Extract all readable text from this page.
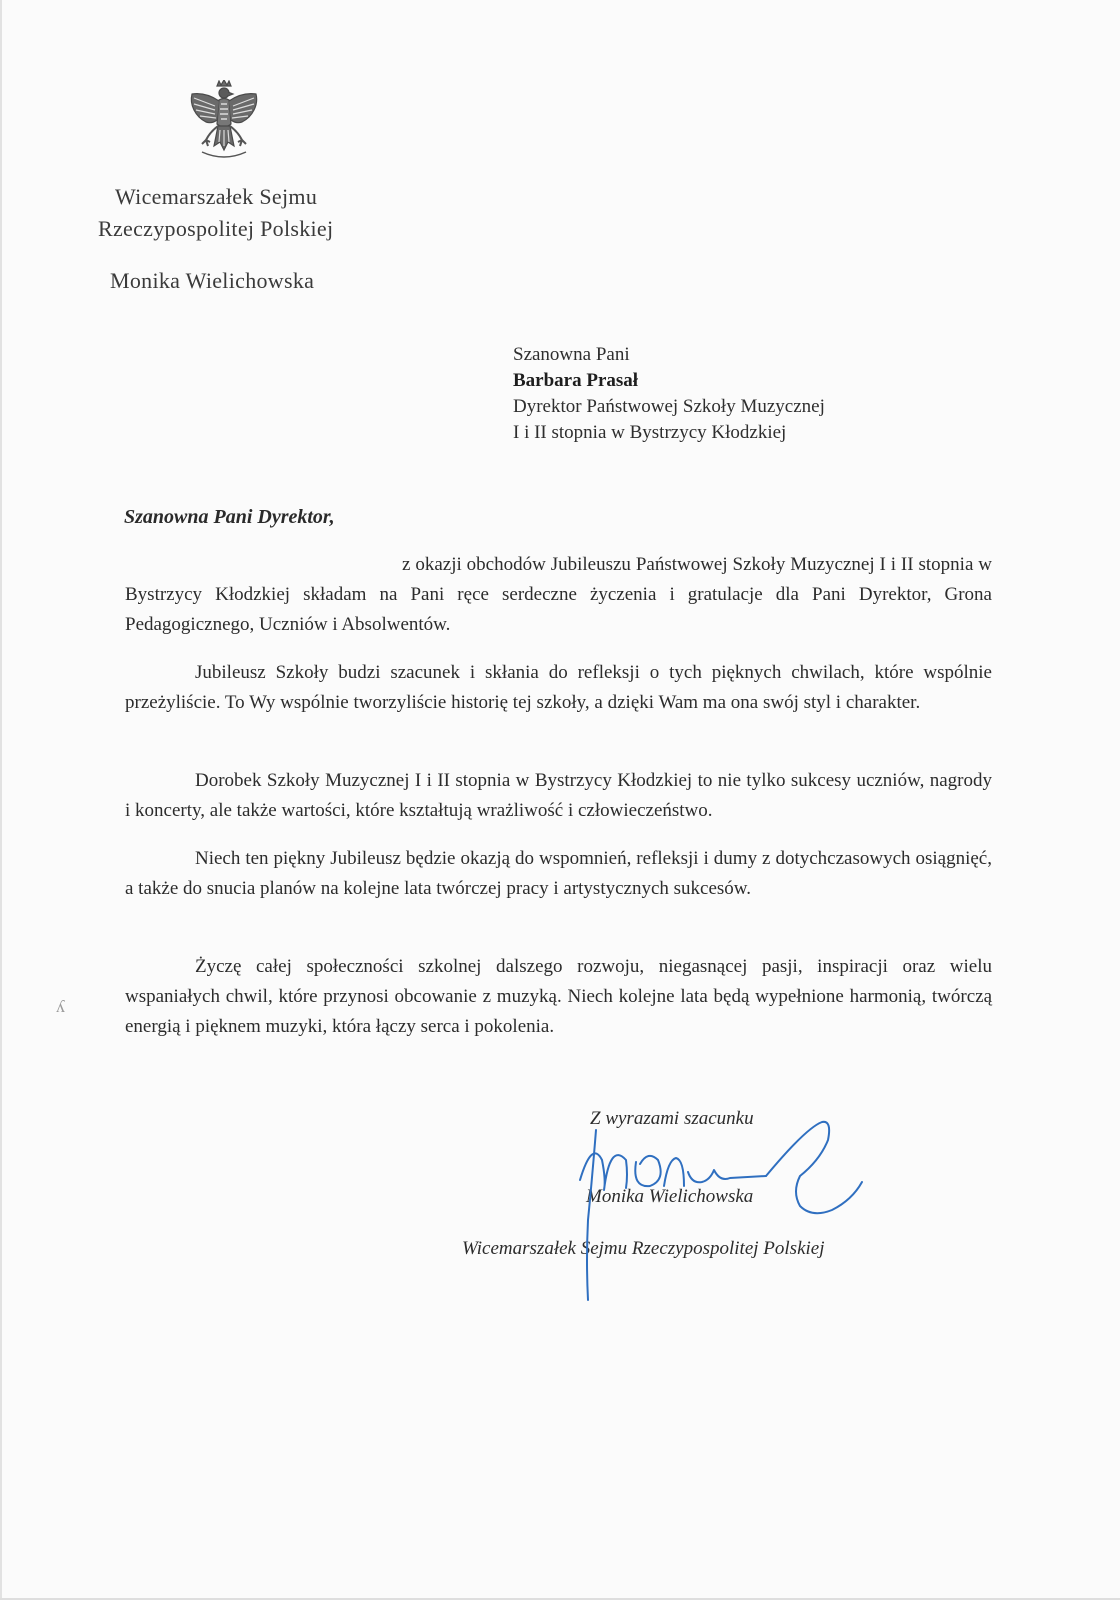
Wicemarszałek Sejmu
Rzeczypospolitej Polskiej
Monika Wielichowska
Szanowna Pani
Barbara Prasał
Dyrektor Państwowej Szkoły Muzycznej
I i II stopnia w Bystrzycy Kłodzkiej
Szanowna Pani Dyrektor,

z okazji obchodów Jubileuszu Państwowej Szkoły Muzycznej I i II stopnia w Bystrzycy Kłodzkiej składam na Pani ręce serdeczne życzenia i gratulacje dla Pani Dyrektor, Grona Pedagogicznego, Uczniów i Absolwentów.

Jubileusz Szkoły budzi szacunek i skłania do refleksji o tych pięknych chwilach, które wspólnie przeżyliście. To Wy wspólnie tworzyliście historię tej szkoły, a dzięki Wam ma ona swój styl i charakter.

Dorobek Szkoły Muzycznej I i II stopnia w Bystrzycy Kłodzkiej to nie tylko sukcesy uczniów, nagrody i koncerty, ale także wartości, które kształtują wrażliwość i człowieczeństwo.

Niech ten piękny Jubileusz będzie okazją do wspomnień, refleksji i dumy z dotychczasowych osiągnięć, a także do snucia planów na kolejne lata twórczej pracy i artystycznych sukcesów.

Życzę całej społeczności szkolnej dalszego rozwoju, niegasnącej pasji, inspiracji oraz wielu wspaniałych chwil, które przynosi obcowanie z muzyką. Niech kolejne lata będą wypełnione harmonią, twórczą energią i pięknem muzyki, która łączy serca i pokolenia.

ʎ
Z wyrazami szacunku
Monika Wielichowska
Wicemarszałek Sejmu Rzeczypospolitej Polskiej
